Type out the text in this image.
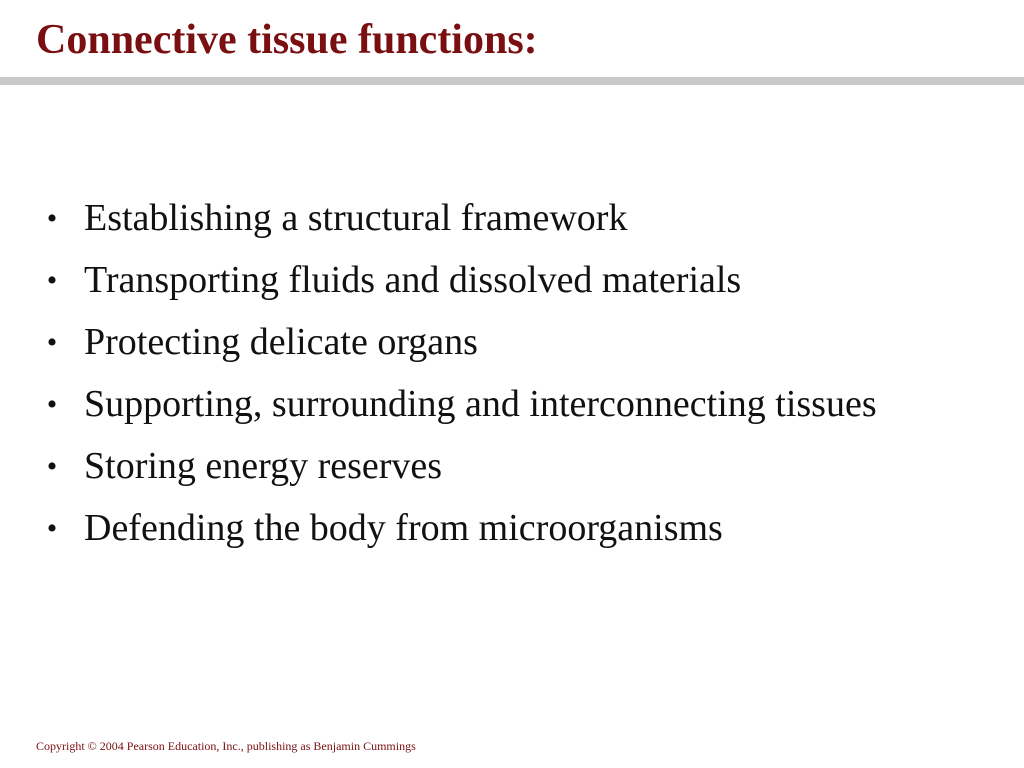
Connective tissue functions:
• Establishing a structural framework
• Transporting fluids and dissolved materials
• Protecting delicate organs
• Supporting, surrounding and interconnecting tissues
• Storing energy reserves
• Defending the body from microorganisms
Copyright © 2004 Pearson Education, Inc., publishing as Benjamin Cummings
